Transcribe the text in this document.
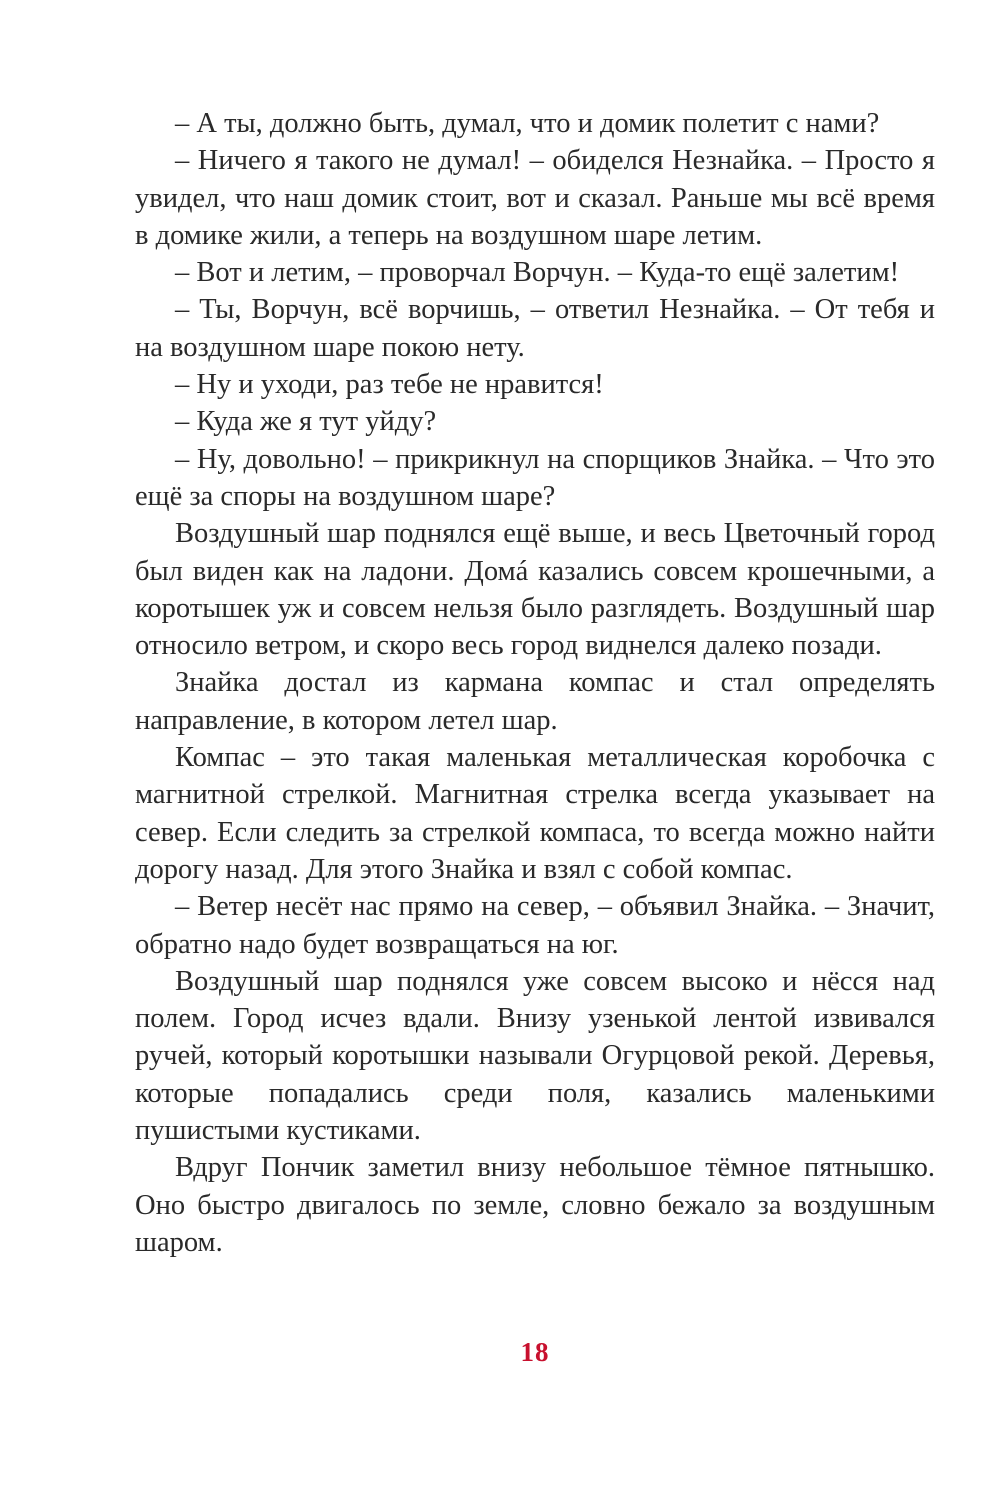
– А ты, должно быть, думал, что и домик полетит с нами?

– Ничего я такого не думал! – обиделся Незнайка. – Просто я увидел, что наш домик стоит, вот и сказал. Раньше мы всё время в домике жили, а теперь на воздушном шаре летим.

– Вот и летим, – проворчал Ворчун. – Куда-то ещё залетим!

– Ты, Ворчун, всё ворчишь, – ответил Незнайка. – От тебя и на воздушном шаре покою нету.

– Ну и уходи, раз тебе не нравится!

– Куда же я тут уйду?

– Ну, довольно! – прикрикнул на спорщиков Знайка. – Что это ещё за споры на воздушном шаре?

Воздушный шар поднялся ещё выше, и весь Цветочный город был виден как на ладони. Домá казались совсем крошечными, а коротышек уж и совсем нельзя было разглядеть. Воздушный шар относило ветром, и скоро весь город виднелся далеко позади.

Знайка достал из кармана компас и стал определять направление, в котором летел шар.

Компас – это такая маленькая металлическая коробочка с магнитной стрелкой. Магнитная стрелка всегда указывает на север. Если следить за стрелкой компаса, то всегда можно найти дорогу назад. Для этого Знайка и взял с собой компас.

– Ветер несёт нас прямо на север, – объявил Знайка. – Значит, обратно надо будет возвращаться на юг.

Воздушный шар поднялся уже совсем высоко и нёсся над полем. Город исчез вдали. Внизу узенькой лентой извивался ручей, который коротышки называли Огурцовой рекой. Деревья, которые попадались среди поля, казались маленькими пушистыми кустиками.

Вдруг Пончик заметил внизу небольшое тёмное пятнышко. Оно быстро двигалось по земле, словно бежало за воздушным шаром.

18
